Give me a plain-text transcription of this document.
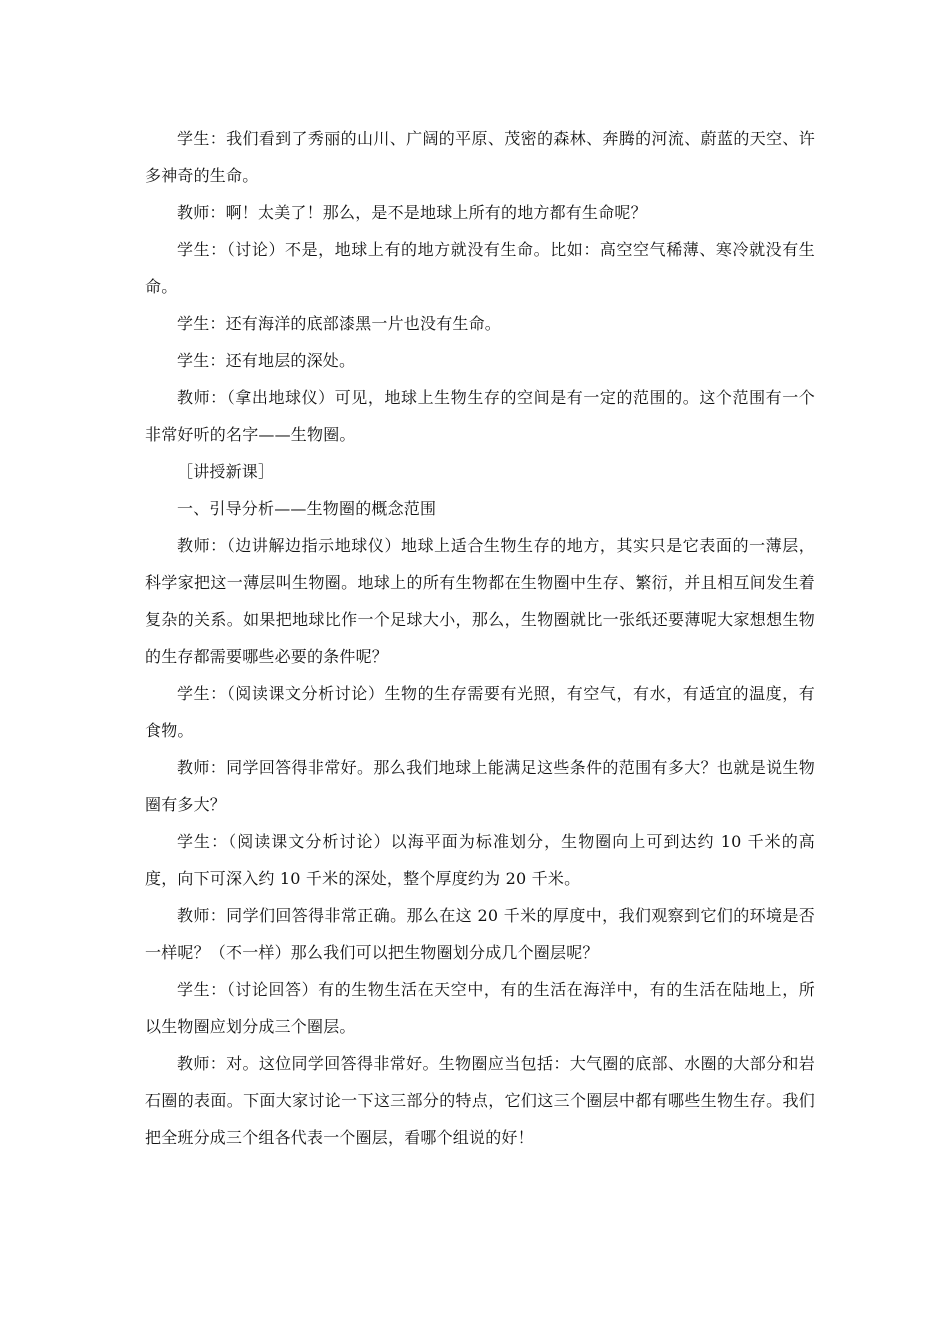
学生：我们看到了秀丽的山川、广阔的平原、茂密的森林、奔腾的河流、蔚蓝的天空、许多神奇的生命。

教师：啊！太美了！那么，是不是地球上所有的地方都有生命呢？

学生：（讨论）不是，地球上有的地方就没有生命。比如：高空空气稀薄、寒冷就没有生命。

学生：还有海洋的底部漆黑一片也没有生命。

学生：还有地层的深处。

教师：（拿出地球仪）可见，地球上生物生存的空间是有一定的范围的。这个范围有一个非常好听的名字——生物圈。

［讲授新课］

一、引导分析——生物圈的概念范围

教师：（边讲解边指示地球仪）地球上适合生物生存的地方，其实只是它表面的一薄层，科学家把这一薄层叫生物圈。地球上的所有生物都在生物圈中生存、繁衍，并且相互间发生着复杂的关系。如果把地球比作一个足球大小，那么，生物圈就比一张纸还要薄呢大家想想生物的生存都需要哪些必要的条件呢？

学生：（阅读课文分析讨论）生物的生存需要有光照，有空气，有水，有适宜的温度，有食物。

教师：同学回答得非常好。那么我们地球上能满足这些条件的范围有多大？也就是说生物圈有多大？

学生：（阅读课文分析讨论）以海平面为标准划分，生物圈向上可到达约 10 千米的高度，向下可深入约 10 千米的深处，整个厚度约为 20 千米。

教师：同学们回答得非常正确。那么在这 20 千米的厚度中，我们观察到它们的环境是否一样呢？（不一样）那么我们可以把生物圈划分成几个圈层呢？

学生：（讨论回答）有的生物生活在天空中，有的生活在海洋中，有的生活在陆地上，所以生物圈应划分成三个圈层。

教师：对。这位同学回答得非常好。生物圈应当包括：大气圈的底部、水圈的大部分和岩石圈的表面。下面大家讨论一下这三部分的特点，它们这三个圈层中都有哪些生物生存。我们把全班分成三个组各代表一个圈层，看哪个组说的好！
